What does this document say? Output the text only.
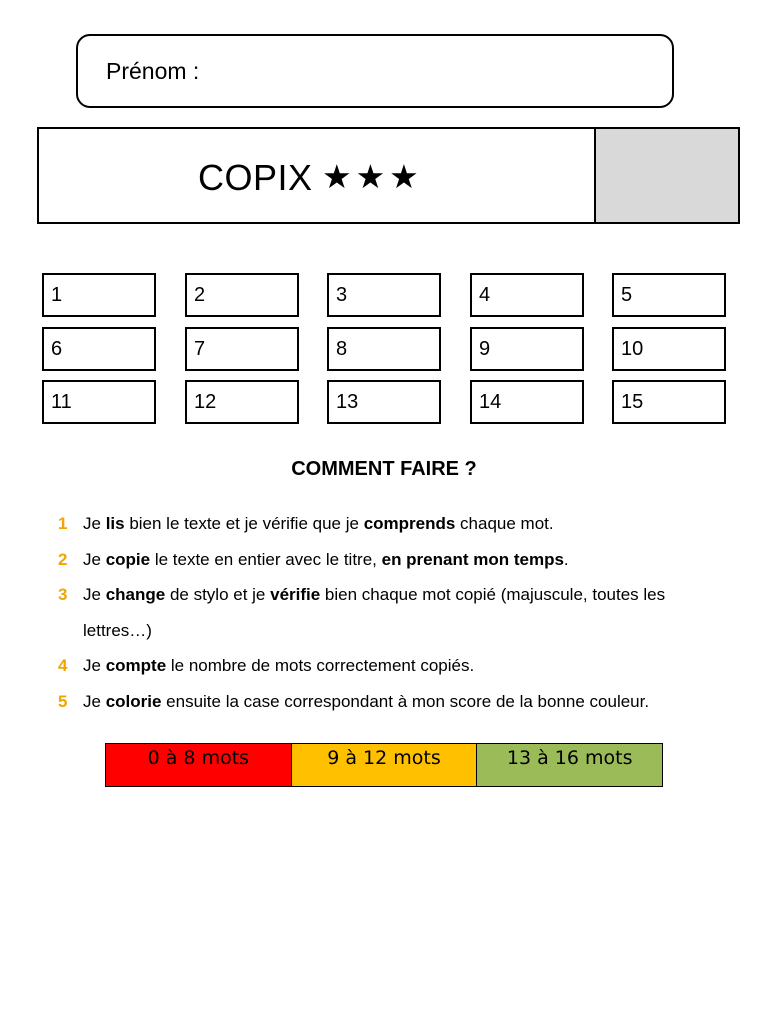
Prénom :
COPIX ★★★
1	2	3	4	5
6	7	8	9	10
11	12	13	14	15
COMMENT FAIRE ?
1 Je lis bien le texte et je vérifie que je comprends chaque mot.
2 Je copie le texte en entier avec le titre, en prenant mon temps.
3 Je change de stylo et je vérifie bien chaque mot copié (majuscule, toutes les lettres…)
4 Je compte le nombre de mots correctement copiés.
5 Je colorie ensuite la case correspondant à mon score de la bonne couleur.
0 à 8 mots	9 à 12 mots	13 à 16 mots
